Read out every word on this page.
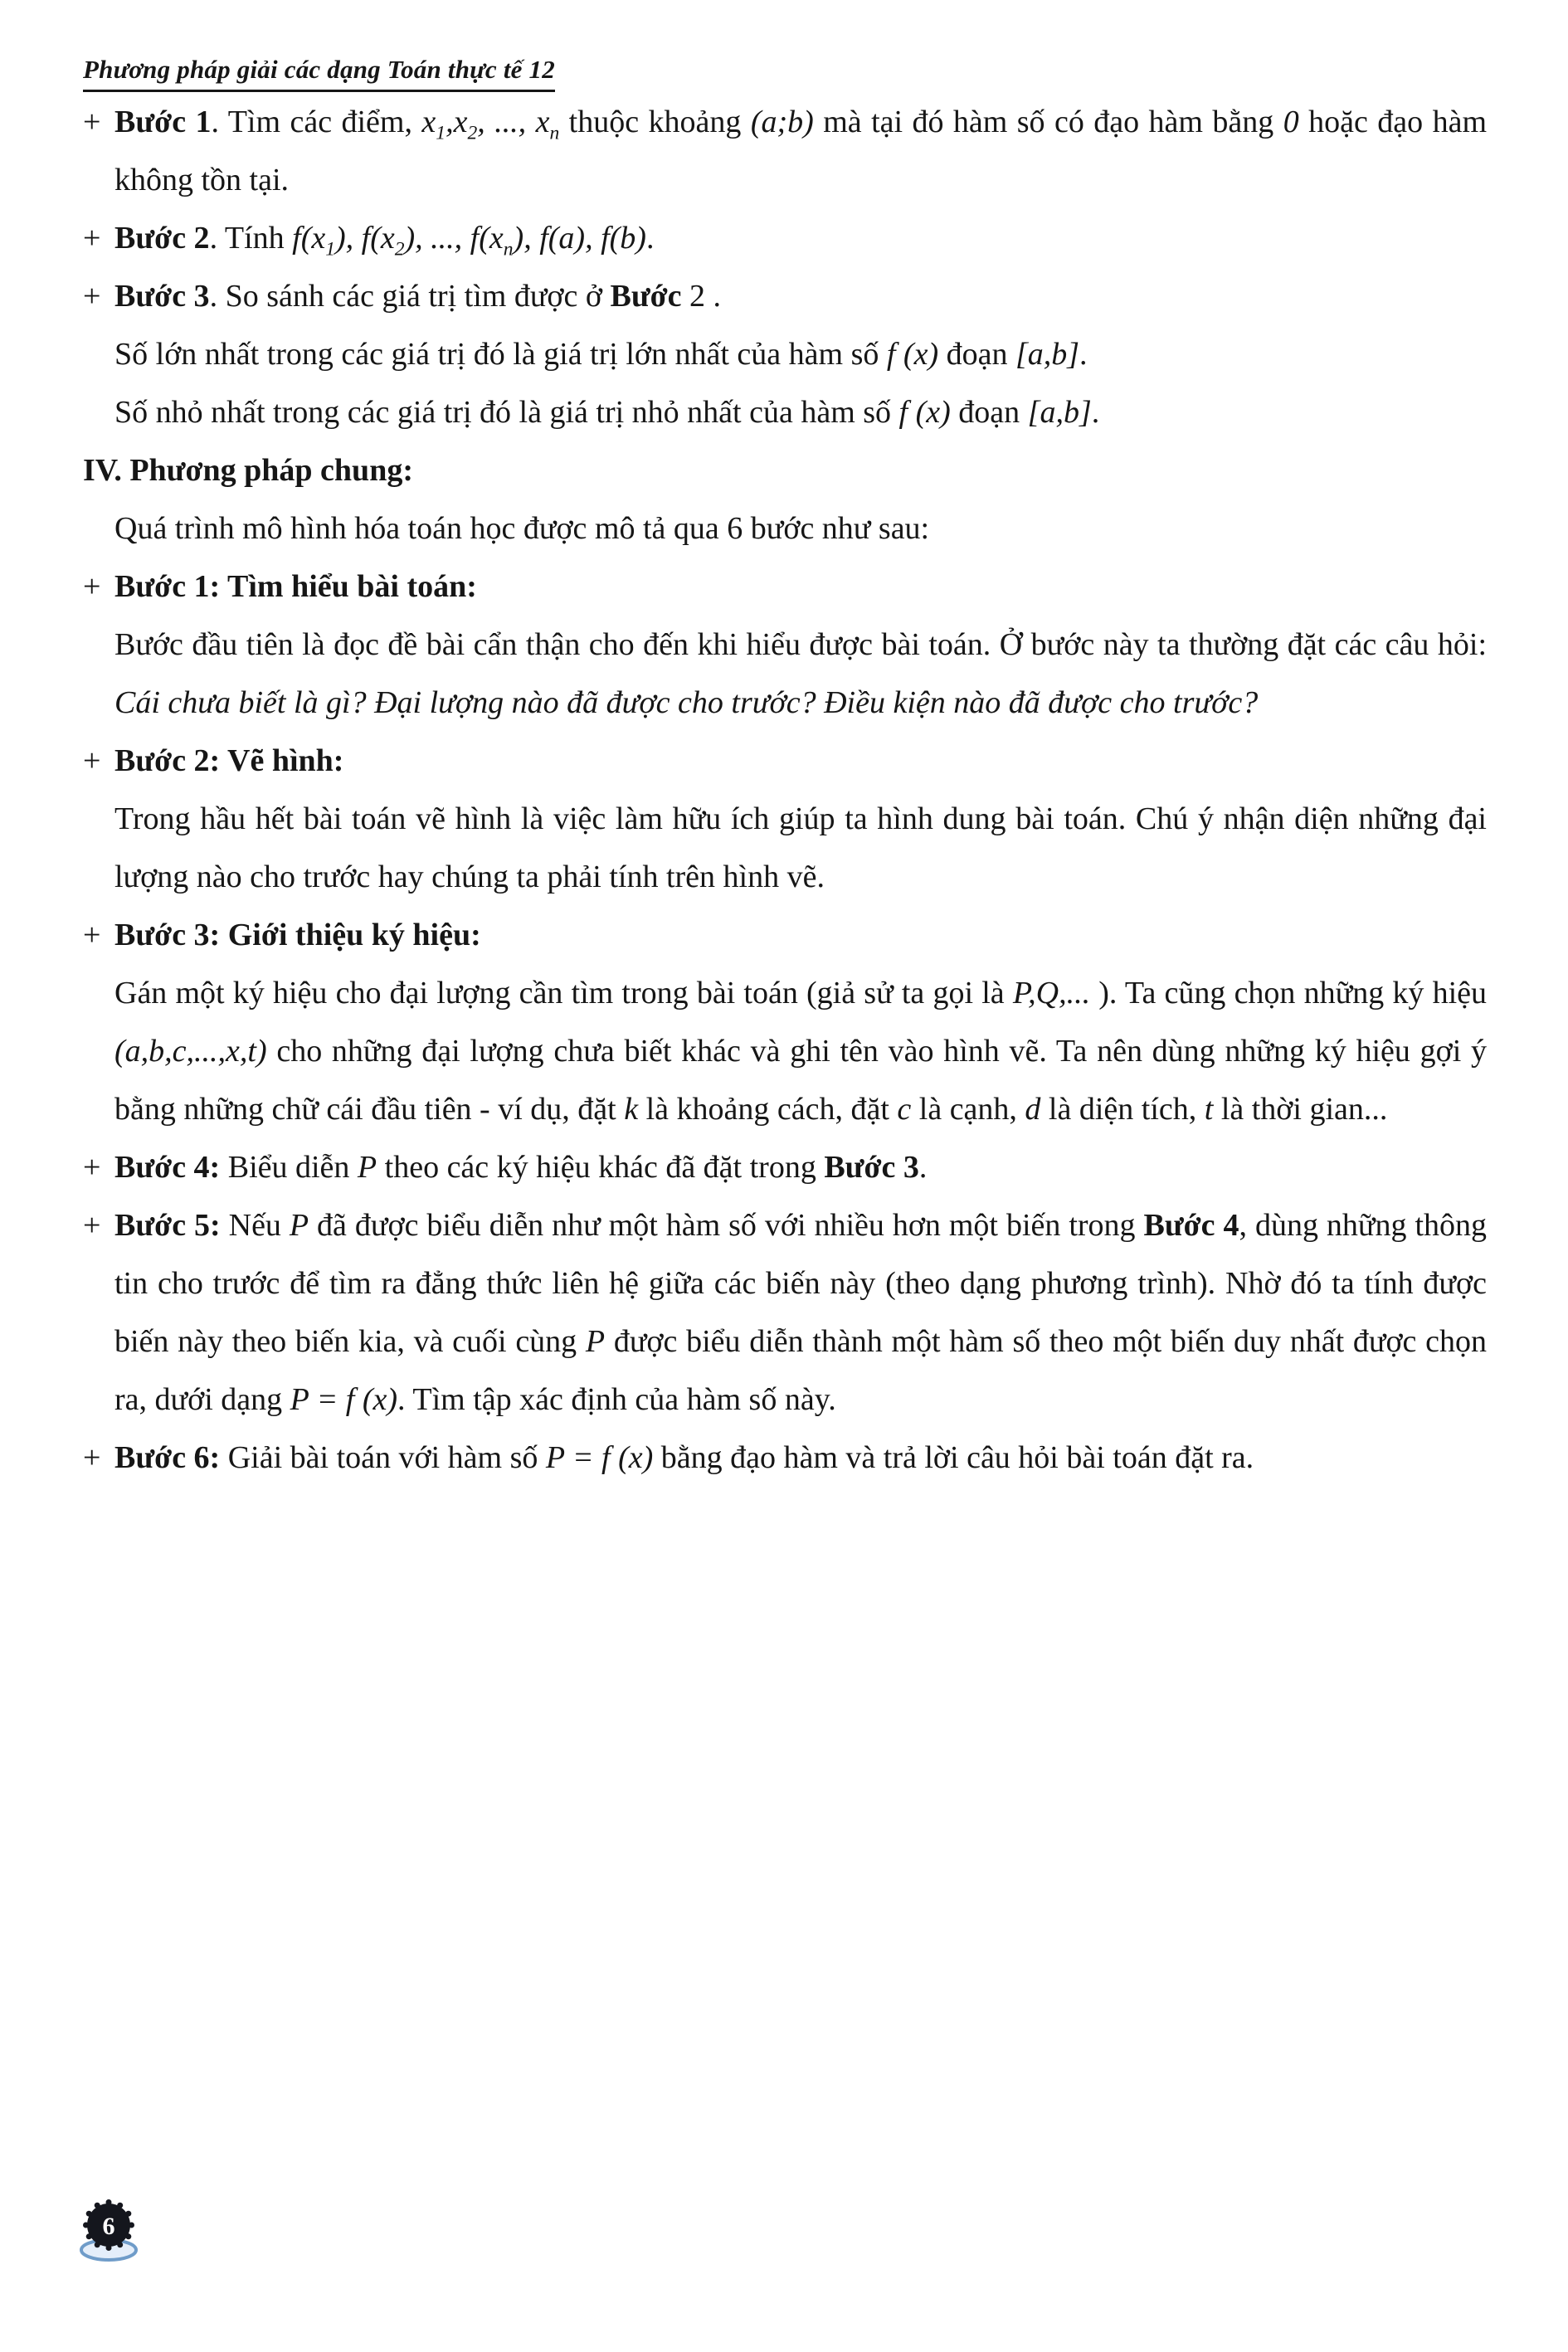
Phương pháp giải các dạng Toán thực tế 12
+ Bước 1. Tìm các điểm, $x_1,x_2$, ..., $x_n$ thuộc khoảng (a;b) mà tại đó hàm số có đạo hàm bằng 0 hoặc đạo hàm không tồn tại.
+ Bước 2. Tính $f(x_1)$, $f(x_2)$, ..., $f(x_n)$, f(a), f(b).
+ Bước 3. So sánh các giá trị tìm được ở Bước 2 .
Số lớn nhất trong các giá trị đó là giá trị lớn nhất của hàm số f (x) đoạn [a,b].
Số nhỏ nhất trong các giá trị đó là giá trị nhỏ nhất của hàm số f (x) đoạn [a,b].
IV. Phương pháp chung:
Quá trình mô hình hóa toán học được mô tả qua 6 bước như sau:
+ Bước 1: Tìm hiểu bài toán:
Bước đầu tiên là đọc đề bài cẩn thận cho đến khi hiểu được bài toán. Ở bước này ta thường đặt các câu hỏi: Cái chưa biết là gì? Đại lượng nào đã được cho trước? Điều kiện nào đã được cho trước?
+ Bước 2: Vẽ hình:
Trong hầu hết bài toán vẽ hình là việc làm hữu ích giúp ta hình dung bài toán. Chú ý nhận diện những đại lượng nào cho trước hay chúng ta phải tính trên hình vẽ.
+ Bước 3: Giới thiệu ký hiệu:
Gán một ký hiệu cho đại lượng cần tìm trong bài toán (giả sử ta gọi là P,Q,... ). Ta cũng chọn những ký hiệu (a,b,c,...,x,t) cho những đại lượng chưa biết khác và ghi tên vào hình vẽ. Ta nên dùng những ký hiệu gợi ý bằng những chữ cái đầu tiên - ví dụ, đặt k là khoảng cách, đặt c là cạnh, d là diện tích, t là thời gian...
+ Bước 4: Biểu diễn P theo các ký hiệu khác đã đặt trong Bước 3.
+ Bước 5: Nếu P đã được biểu diễn như một hàm số với nhiều hơn một biến trong Bước 4, dùng những thông tin cho trước để tìm ra đẳng thức liên hệ giữa các biến này (theo dạng phương trình). Nhờ đó ta tính được biến này theo biến kia, và cuối cùng P được biểu diễn thành một hàm số theo một biến duy nhất được chọn ra, dưới dạng P = f (x). Tìm tập xác định của hàm số này.
+ Bước 6: Giải bài toán với hàm số P = f (x) bằng đạo hàm và trả lời câu hỏi bài toán đặt ra.
6
